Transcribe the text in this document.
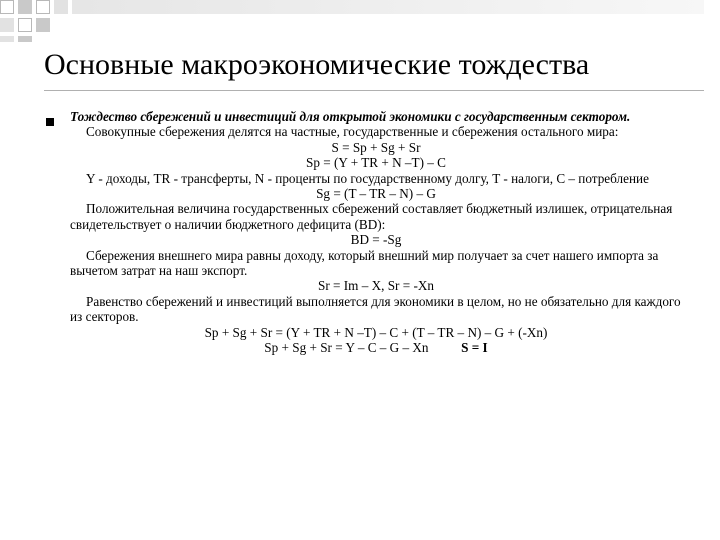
Основные макроэкономические тождества

Тождество сбережений и инвестиций для открытой экономики с государственным сектором.

Совокупные сбережения делятся на частные, государственные и сбережения остального мира:

S = Sp + Sg + Sr

Sp = (Y + TR + N –T) – C

Y - доходы, TR - трансферты, N - проценты по государственному долгу, T - налоги, C – потребление

Sg = (T – TR – N) – G

Положительная величина государственных сбережений составляет бюджетный излишек, отрицательная свидетельствует о наличии бюджетного дефицита (BD):

BD = -Sg

Сбережения внешнего мира равны доходу, который внешний мир получает за счет нашего импорта за вычетом затрат на наш экспорт.

Sr = Im – X, Sr = -Xn

Равенство сбережений и инвестиций выполняется для экономики в целом, но не обязательно для каждого из секторов.

Sp + Sg + Sr = (Y + TR + N –T) – C + (T – TR – N) – G + (-Xn)

Sp + Sg + Sr = Y – C – G – Xn S = I
